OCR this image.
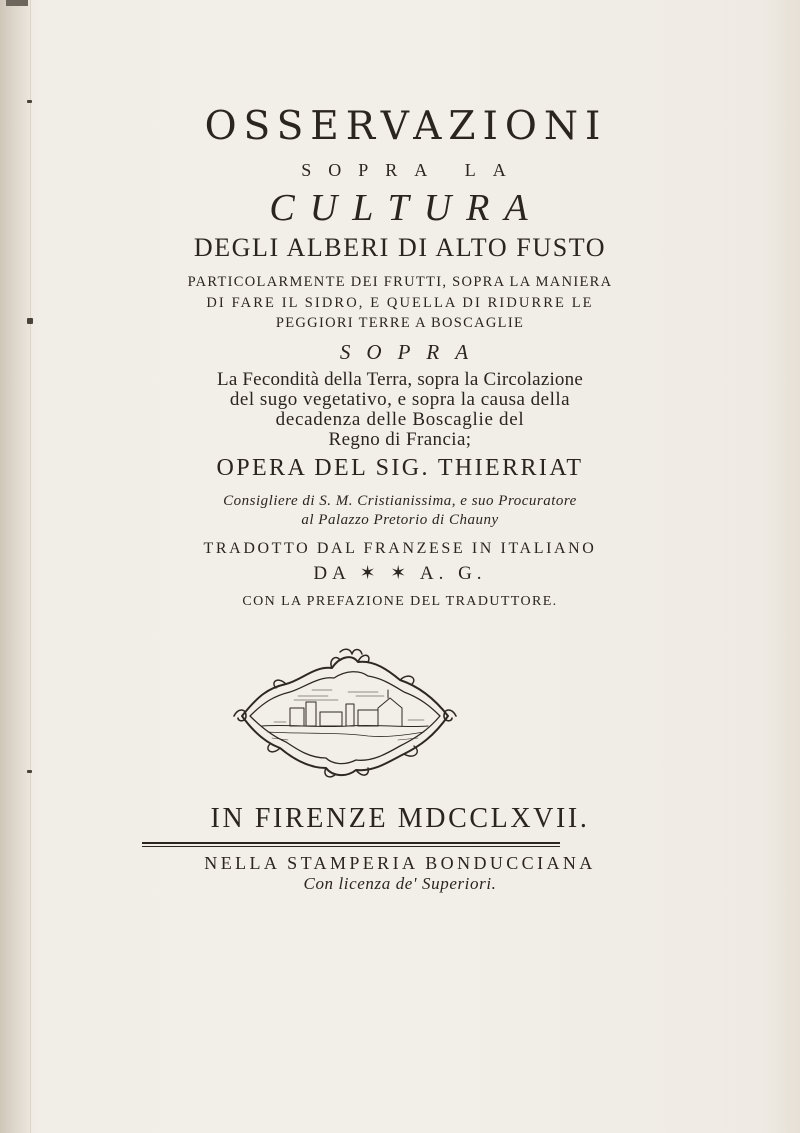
OSSERVAZIONI
SOPRA LA
CULTURA
DEGLI ALBERI DI ALTO FUSTO
PARTICOLARMENTE DEI FRUTTI, SOPRA LA MANIERA
DI FARE IL SIDRO, E QUELLA DI RIDURRE LE
PEGGIORI TERRE A BOSCAGLIE
SOPRA
La Fecondità della Terra, sopra la Circolazione
del sugo vegetativo, e sopra la causa della
decadenza delle Boscaglie del
Regno di Francia;
OPERA DEL SIG. THIERRIAT
Consigliere di S. M. Cristianissima, e suo Procuratore
al Palazzo Pretorio di Chauny
TRADOTTO DAL FRANZESE IN ITALIANO
DA ✶ ✶ A. G.
CON LA PREFAZIONE DEL TRADUTTORE.
IN FIRENZE MDCCLXVII.
NELLA STAMPERIA BONDUCCIANA
Con licenza de' Superiori.
